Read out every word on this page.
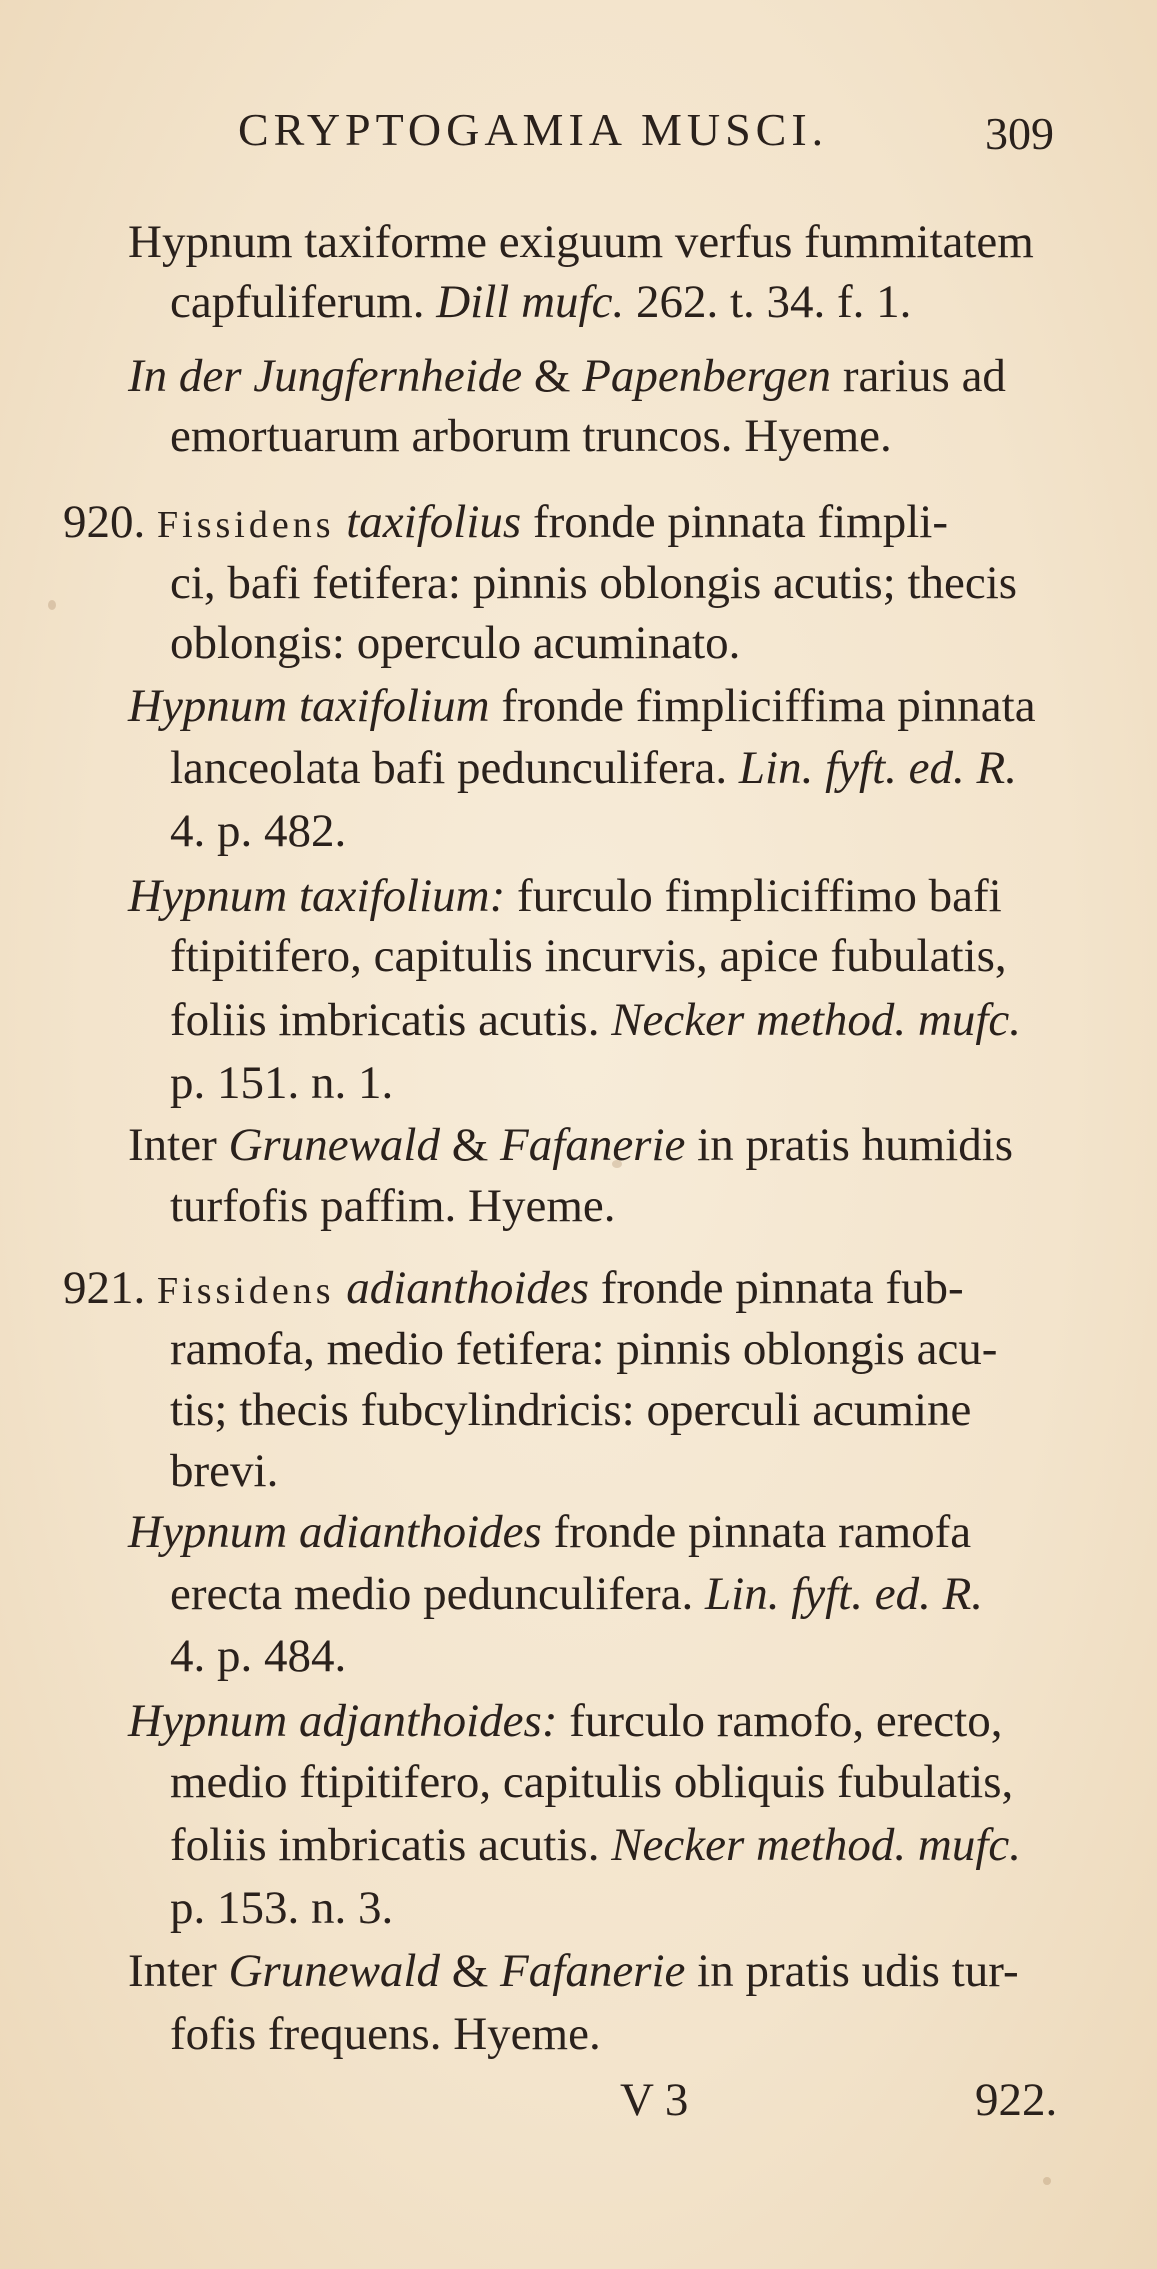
CRYPTOGAMIA MUSCI.	309
Hypnum taxiforme exiguum verfus fummitatem
capfuliferum. Dill mufc. 262. t. 34. f. 1.
In der Jungfernheide & Papenbergen rarius ad
emortuarum arborum truncos. Hyeme.
920. Fissidens taxifolius fronde pinnata fimpli-
ci, bafi fetifera: pinnis oblongis acutis; thecis
oblongis: operculo acuminato.
Hypnum taxifolium fronde fimpliciffima pinnata
lanceolata bafi pedunculifera. Lin. fyft. ed. R.
4. p. 482.
Hypnum taxifolium: furculo fimpliciffimo bafi
ftipitifero, capitulis incurvis, apice fubulatis,
foliis imbricatis acutis. Necker method. mufc.
p. 151. n. 1.
Inter Grunewald & Fafanerie in pratis humidis
turfofis paffim. Hyeme.
921. Fissidens adianthoides fronde pinnata fub-
ramofa, medio fetifera: pinnis oblongis acu-
tis; thecis fubcylindricis: operculi acumine
brevi.
Hypnum adianthoides fronde pinnata ramofa
erecta medio pedunculifera. Lin. fyft. ed. R.
4. p. 484.
Hypnum adjanthoides: furculo ramofo, erecto,
medio ftipitifero, capitulis obliquis fubulatis,
foliis imbricatis acutis. Necker method. mufc.
p. 153. n. 3.
Inter Grunewald & Fafanerie in pratis udis tur-
fofis frequens. Hyeme.
V 3	922.
